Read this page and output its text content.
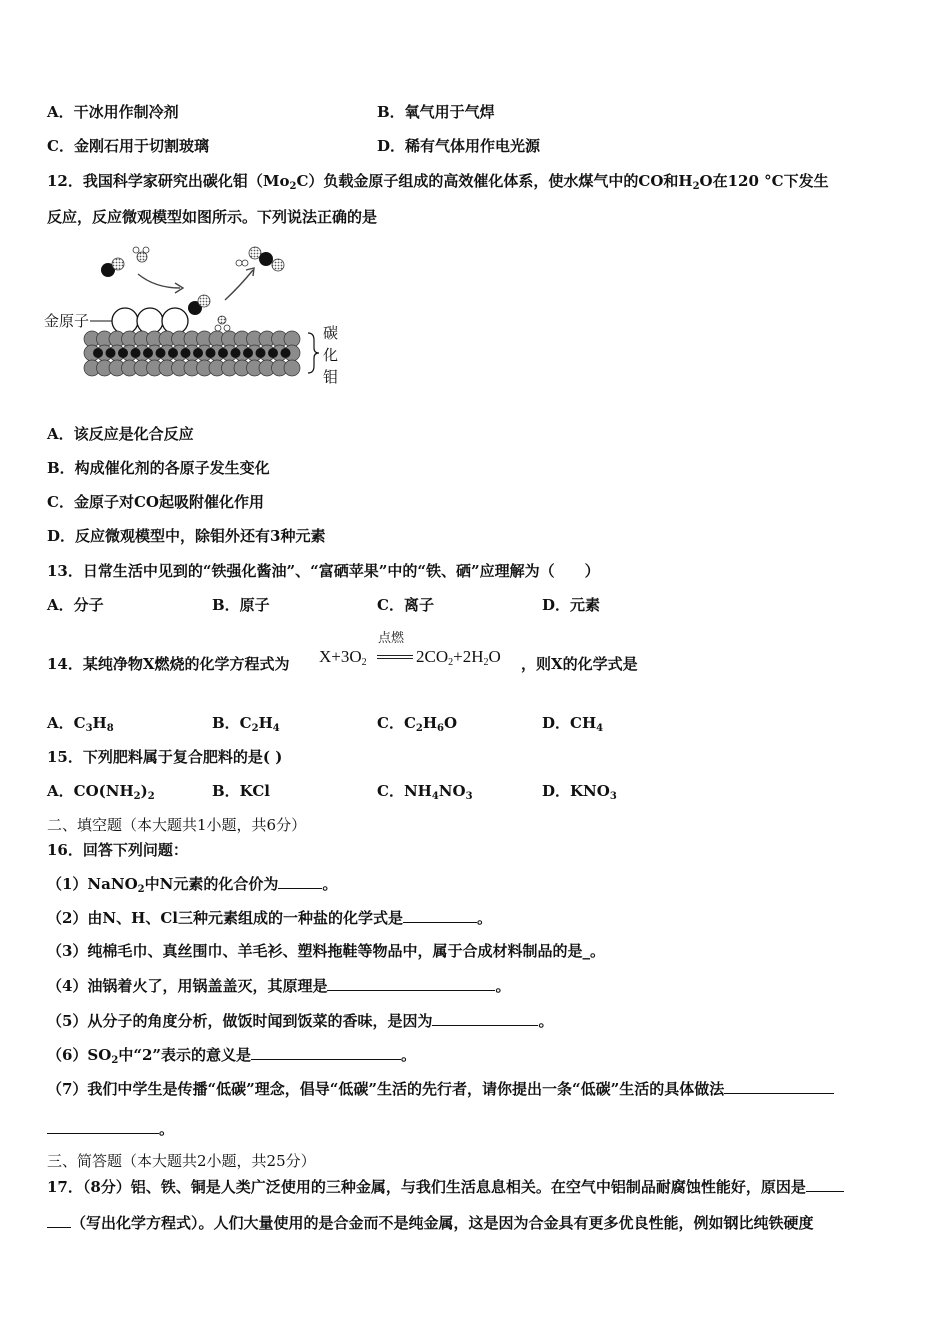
A．干冰用作制冷剂	B．氧气用于气焊
C．金刚石用于切割玻璃	D．稀有气体用作电光源
12．我国科学家研究出碳化钼$(Mo_2C)$负载金原子组成的高效催化体系，使水煤气中的CO和$H_2O$在120 °C下发生
反应，反应微观模型如图所示。下列说法正确的是
金原子
碳
化
钼
A．该反应是化合反应
B．构成催化剂的各原子发生变化
C．金原子对CO起吸附催化作用
D．反应微观模型中，除钼外还有3种元素
13．日常生活中见到的“铁强化酱油”、“富硒苹果”中的“铁、硒”应理解为（　　）
A．分子	B．原子	C．离子	D．元素
14．某纯净物X燃烧的化学方程式为 $X+3O_2$
点燃
$2CO_2+2H_2O$ ，则X的化学式是
A．$C_3H_8$	B．$C_2H_4$	C．$C_2H_6O$	D．$CH_4$
15．下列肥料属于复合肥料的是( )
A．$CO(NH_2)_2$	B．KCl	C．$NH_4NO_3$	D．$KNO_3$
二、填空题（本大题共1小题，共6分）
16．回答下列问题：
（1）NaNO$_2$中N元素的化合价为	。
（2）由N、H、Cl三种元素组成的一种盐的化学式是	。
（3）纯棉毛巾、真丝围巾、羊毛衫、塑料拖鞋等物品中，属于合成材料制品的是_。
（4）油锅着火了，用锅盖盖灭，其原理是	。
（5）从分子的角度分析，做饭时闻到饭菜的香味，是因为	。
$(6)SO_2$中“2”表示的意义是	。
（7）我们中学生是传播“低碳”理念，倡导“低碳”生活的先行者，请你提出一条“低碳”生活的具体做法
。
三、简答题（本大题共2小题，共25分）
17．（8分）铝、铁、铜是人类广泛使用的三种金属，与我们生活息息相关。在空气中铝制品耐腐蚀性能好，原因是
（写出化学方程式）。人们大量使用的是合金而不是纯金属，这是因为合金具有更多优良性能，例如钢比纯铁硬度
